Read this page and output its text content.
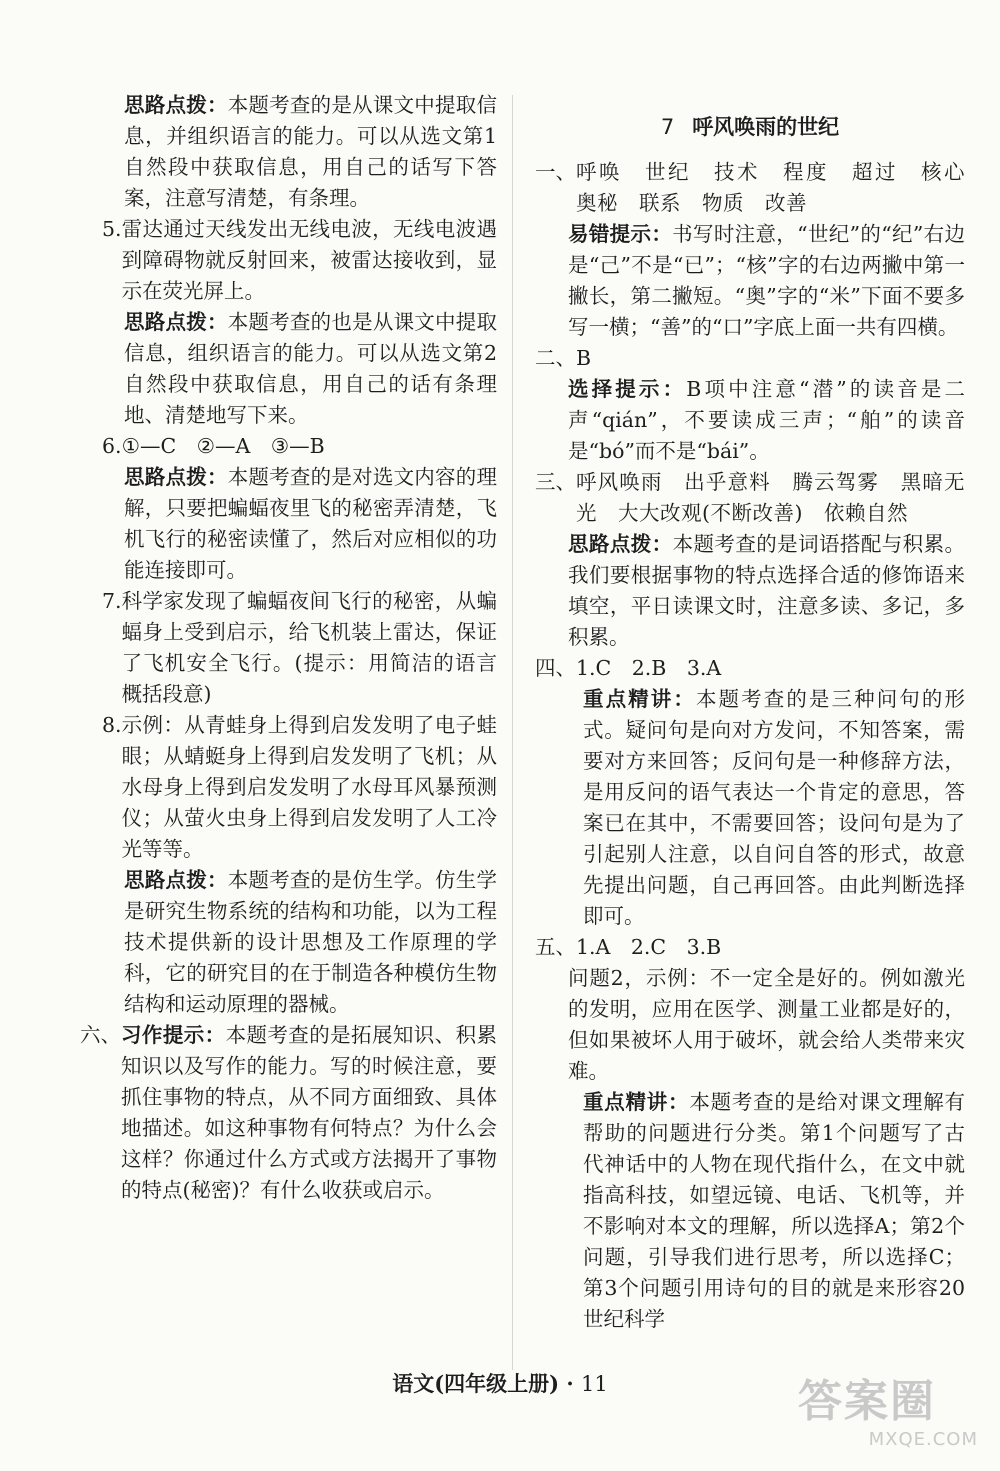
思路点拨：本题考查的是从课文中提取信息，并组织语言的能力。可以从选文第1自然段中获取信息，用自己的话写下答案，注意写清楚，有条理。

5. 雷达通过天线发出无线电波，无线电波遇到障碍物就反射回来，被雷达接收到，显示在荧光屏上。

思路点拨：本题考查的也是从课文中提取信息，组织语言的能力。可以从选文第2自然段中获取信息，用自己的话有条理地、清楚地写下来。

6. ①—C　②—A　③—B

思路点拨：本题考查的是对选文内容的理解，只要把蝙蝠夜里飞的秘密弄清楚，飞机飞行的秘密读懂了，然后对应相似的功能连接即可。

7. 科学家发现了蝙蝠夜间飞行的秘密，从蝙蝠身上受到启示，给飞机装上雷达，保证了飞机安全飞行。(提示：用简洁的语言概括段意)
8. 示例：从青蛙身上得到启发发明了电子蛙眼；从蜻蜓身上得到启发发明了飞机；从水母身上得到启发发明了水母耳风暴预测仪；从萤火虫身上得到启发发明了人工冷光等等。

思路点拨：本题考查的是仿生学。仿生学是研究生物系统的结构和功能，以为工程技术提供新的设计思想及工作原理的学科，它的研究目的在于制造各种模仿生物结构和运动原理的器械。

六、 习作提示：本题考查的是拓展知识、积累知识以及写作的能力。写的时候注意，要抓住事物的特点，从不同方面细致、具体地描述。如这种事物有何特点？为什么会这样？你通过什么方式或方法揭开了事物的特点(秘密)？有什么收获或启示。
7 呼风唤雨的世纪
一、 呼唤　世纪　技术　程度　超过　核心　奥秘　联系　物质　改善

易错提示：书写时注意，“世纪”的“纪”右边是“己”不是“已”；“核”字的右边两撇中第一撇长，第二撇短。“奥”字的“米”下面不要多写一横；“善”的“口”字底上面一共有四横。

二、 B

选择提示：B项中注意“潜”的读音是二声“qián”，不要读成三声；“舶”的读音是“bó”而不是“bái”。

三、 呼风唤雨　出乎意料　腾云驾雾　黑暗无光　大大改观(不断改善)　依赖自然

思路点拨：本题考查的是词语搭配与积累。我们要根据事物的特点选择合适的修饰语来填空，平日读课文时，注意多读、多记，多积累。

四、 1.C　2.B　3.A

重点精讲：本题考查的是三种问句的形式。疑问句是向对方发问，不知答案，需要对方来回答；反问句是一种修辞方法，是用反问的语气表达一个肯定的意思，答案已在其中，不需要回答；设问句是为了引起别人注意，以自问自答的形式，故意先提出问题，自己再回答。由此判断选择即可。

五、 1.A　2.C　3.B

问题2，示例：不一定全是好的。例如激光的发明，应用在医学、测量工业都是好的，但如果被坏人用于破坏，就会给人类带来灾难。

重点精讲：本题考查的是给对课文理解有帮助的问题进行分类。第1个问题写了古代神话中的人物在现代指什么，在文中就指高科技，如望远镜、电话、飞机等，并不影响对本文的理解，所以选择A；第2个问题，引导我们进行思考，所以选择C；第3个问题引用诗句的目的就是来形容20世纪科学

语文(四年级上册) · 11	答案圈
MXQE.COM
